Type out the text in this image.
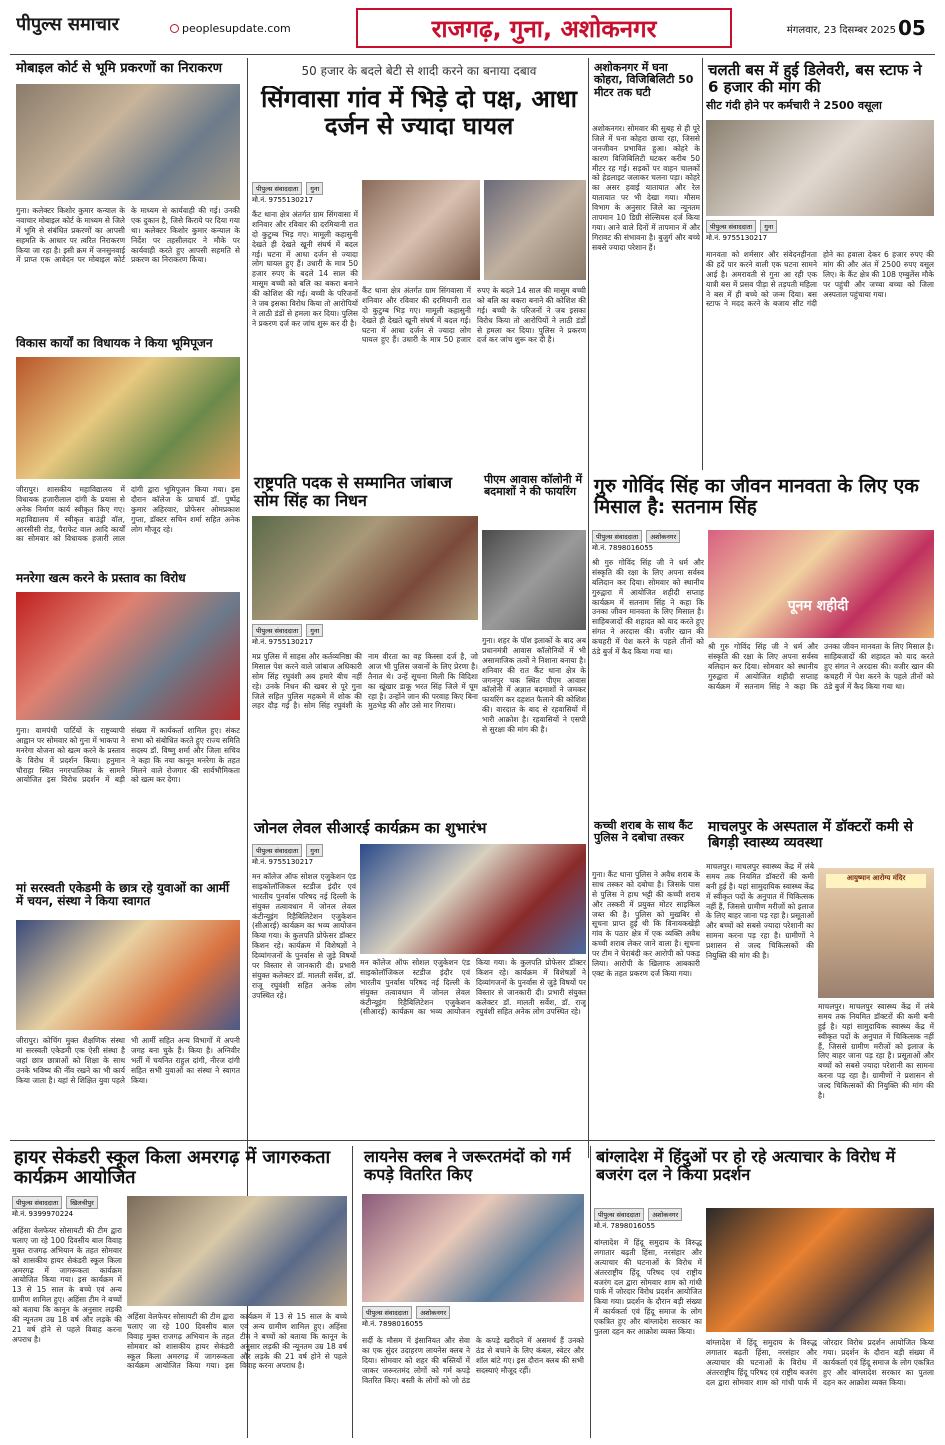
पीपुल्स समाचार	peoplesupdate.com	राजगढ़, गुना, अशोकनगर	मंगलवार, 23 दिसम्बर 2025 05
मोबाइल कोर्ट से भूमि प्रकरणों का निराकरण
गुना। कलेक्टर किशोर कुमार कन्याल के नवाचार मोबाइल कोर्ट के माध्यम से जिले में भूमि से संबंधित प्रकरणों का आपसी सहमति के आधार पर त्वरित निराकरण किया जा रहा है। इसी क्रम में जनसुनवाई में प्राप्त एक आवेदन पर मोबाइल कोर्ट के माध्यम से कार्यवाही की गई। उनकी एक दुकान है, जिसे किराये पर दिया गया था। कलेक्टर किशोर कुमार कन्याल के निर्देश पर तहसीलदार ने मौके पर कार्यवाही करते हुए आपसी सहमति से प्रकरण का निराकरण किया।
विकास कार्यों का विधायक ने किया भूमिपूजन
जीरापुर। शासकीय महाविद्यालय में विधायक हजारीलाल दांगी के प्रयास से अनेक निर्माण कार्य स्वीकृत किए गए। महाविद्यालय में स्वीकृत बाउंड्री वॉल, आरसीसी रोड, पैराफेट वाल आदि कार्यों का सोमवार को विधायक हजारी लाल दांगी द्वारा भूमिपूजन किया गया। इस दौरान कॉलेज के प्राचार्य डॉ. पुष्पेंद्र कुमार अहिरवार, प्रोफेसर ओमप्रकाश गुप्ता, डॉक्टर सचिन शर्मा सहित अनेक लोग मौजूद रहे।
मनरेगा खत्म करने के प्रस्ताव का विरोध
गुना। वामपंथी पार्टियों के राष्ट्रव्यापी आह्वान पर सोमवार को गुना में भाकपा ने मनरेगा योजना को खत्म करने के प्रस्ताव के विरोध में प्रदर्शन किया। हनुमान चौराहा स्थित नगरपालिका के सामने आयोजित इस विरोध प्रदर्शन में बड़ी संख्या में कार्यकर्ता शामिल हुए। संकट सभा को संबोधित करते हुए राज्य समिति सदस्य डॉ. विष्णु शर्मा और जिला सचिव ने कहा कि नया कानून मनरेगा के तहत मिलने वाले रोजगार की सार्वभौमिकता को खत्म कर देगा।
मां सरस्वती एकेडमी के छात्र रहे युवाओं का आर्मी में चयन, संस्था ने किया स्वागत
जीरापुर। कोचिंग मुक्त शैक्षणिक संस्था मां सरस्वती एकेडमी एक ऐसी संस्था है जहां छात्र छात्राओं को शिक्षा के साथ उनके भविष्य की नींव रखने का भी कार्य किया जाता है। यहां से शिक्षित युवा पहले भी आर्मी सहित अन्य विभागों में अपनी जगह बना चुके हैं। किया है। अग्निवीर भर्ती में चयनित राहुल दांगी, नीरज दांगी सहित सभी युवाओं का संस्था ने स्वागत किया।
50 हजार के बदले बेटी से शादी करने का बनाया दबाव
सिंगवासा गांव में भिड़े दो पक्ष, आधा दर्जन से ज्यादा घायल
पीपुल्स संवाददाता	गुना
मो.नं. 9755130217
कैंट थाना क्षेत्र अंतर्गत ग्राम सिंगवासा में शनिवार और रविवार की दरमियानी रात दो कुटुम्ब भिड़ गए। मामूली कहासुनी देखते ही देखते खूनी संघर्ष में बदल गई। घटना में आधा दर्जन से ज्यादा लोग घायल हुए हैं। उधारी के मात्र 50 हजार रुपए के बदले 14 साल की मासूम बच्ची को बलि का बकरा बनाने की कोशिश की गई। बच्ची के परिजनों ने जब इसका विरोध किया तो आरोपियों ने लाठी डंडों से हमला कर दिया। पुलिस ने प्रकरण दर्ज कर जांच शुरू कर दी है।
कैंट थाना क्षेत्र अंतर्गत ग्राम सिंगवासा में शनिवार और रविवार की दरमियानी रात दो कुटुम्ब भिड़ गए। मामूली कहासुनी देखते ही देखते खूनी संघर्ष में बदल गई। घटना में आधा दर्जन से ज्यादा लोग घायल हुए हैं। उधारी के मात्र 50 हजार रुपए के बदले 14 साल की मासूम बच्ची को बलि का बकरा बनाने की कोशिश की गई। बच्ची के परिजनों ने जब इसका विरोध किया तो आरोपियों ने लाठी डंडों से हमला कर दिया। पुलिस ने प्रकरण दर्ज कर जांच शुरू कर दी है।
राष्ट्रपति पदक से सम्मानित जांबाज सोम सिंह का निधन
पीपुल्स संवाददाता	गुना
मो.नं. 9755130217
मप्र पुलिस में साहस और कर्तव्यनिष्ठा की मिसाल पेश करने वाले जांबाज अधिकारी सोम सिंह रघुवंशी अब हमारे बीच नहीं रहे। उनके निधन की खबर से पूरे गुना जिले सहित पुलिस महकमे में शोक की लहर दौड़ गई है। सोम सिंह रघुवंशी के नाम वीरता का वह किस्सा दर्ज है, जो आज भी पुलिस जवानों के लिए प्रेरणा है। तैनात थे। उन्हें सूचना मिली कि विदिशा का खूंखार डाकू भरत सिंह जिले में घूम रहा है। उन्होंने जान की परवाह किए बिना मुठभेड़ की और उसे मार गिराया।
पीएम आवास कॉलोनी में बदमाशों ने की फायरिंग
गुना। शहर के पॉश इलाकों के बाद अब प्रधानमंत्री आवास कॉलोनियों में भी असामाजिक तत्वों ने निशाना बनाया है। शनिवार की रात कैंट थाना क्षेत्र के जगनपुर चक स्थित पीएम आवास कॉलोनी में अज्ञात बदमाशों ने जमकर फायरिंग कर दहशत फैलाने की कोशिश की। वारदात के बाद से रहवासियों में भारी आक्रोश है। रहवासियों ने एसपी से सुरक्षा की मांग की है।
जोनल लेवल सीआरई कार्यक्रम का शुभारंभ
पीपुल्स संवाददाता	गुना
मो.नं. 9755130217
मन कॉलेज ऑफ सोशल एजुकेशन एंड साइकोलॉजिकल स्टडीज इंदौर एवं भारतीय पुनर्वास परिषद नई दिल्ली के संयुक्त तत्वावधान में जोनल लेवल कंटीन्यूइंग रिहैबिलिटेशन एजुकेशन (सीआरई) कार्यक्रम का भव्य आयोजन किया गया। के कुलपति प्रोफेसर डॉक्टर किशन रहे। कार्यक्रम में विशेषज्ञों ने दिव्यांगजनों के पुनर्वास से जुड़े विषयों पर विस्तार से जानकारी दी। प्रभारी संयुक्त कलेक्टर डॉ. मालती सर्वेश, डॉ. राजू रघुवंशी सहित अनेक लोग उपस्थित रहे।
मन कॉलेज ऑफ सोशल एजुकेशन एंड साइकोलॉजिकल स्टडीज इंदौर एवं भारतीय पुनर्वास परिषद नई दिल्ली के संयुक्त तत्वावधान में जोनल लेवल कंटीन्यूइंग रिहैबिलिटेशन एजुकेशन (सीआरई) कार्यक्रम का भव्य आयोजन किया गया। के कुलपति प्रोफेसर डॉक्टर किशन रहे। कार्यक्रम में विशेषज्ञों ने दिव्यांगजनों के पुनर्वास से जुड़े विषयों पर विस्तार से जानकारी दी। प्रभारी संयुक्त कलेक्टर डॉ. मालती सर्वेश, डॉ. राजू रघुवंशी सहित अनेक लोग उपस्थित रहे।
अशोकनगर में घना कोहरा, विजिबिलिटी 50 मीटर तक घटी
अशोकनगर। सोमवार की सुबह से ही पूरे जिले में घना कोहरा छाया रहा, जिससे जनजीवन प्रभावित हुआ। कोहरे के कारण विजिबिलिटी घटकर करीब 50 मीटर रह गई। सड़कों पर वाहन चालकों को हेडलाइट जलाकर चलना पड़ा। कोहरे का असर हवाई यातायात और रेल यातायात पर भी देखा गया। मौसम विभाग के अनुसार जिले का न्यूनतम तापमान 10 डिग्री सेल्सियस दर्ज किया गया। आने वाले दिनों में तापमान में और गिरावट की संभावना है। बुजुर्ग और बच्चे सबसे ज्यादा परेशान हैं।
कच्ची शराब के साथ कैंट पुलिस ने दबोचा तस्कर
गुना। कैंट थाना पुलिस ने अवैध शराब के साथ तस्कर को दबोचा है। जिसके पास से पुलिस ने हाथ भट्टी की कच्ची शराब और तस्करी में प्रयुक्त मोटर साइकिल जब्त की है। पुलिस को मुखबिर से सूचना प्राप्त हुई थी कि विनायकखेड़ी गांव के पठार क्षेत्र में एक व्यक्ति अवैध कच्ची शराब लेकर जाने वाला है। सूचना पर टीम ने घेराबंदी कर आरोपी को पकड़ लिया। आरोपी के खिलाफ आबकारी एक्ट के तहत प्रकरण दर्ज किया गया।
चलती बस में हुई डिलेवरी, बस स्टाफ ने 6 हजार की मांग की
सीट गंदी होने पर कर्मचारी ने 2500 वसूला
पीपुल्स संवाददाता	गुना
मो.नं. 9755130217
मानवता को शर्मसार और संवेदनहीनता की हदें पार करने वाली एक घटना सामने आई है। अमरावती से गुना आ रही एक यात्री बस में प्रसव पीड़ा से तड़पती महिला ने बस में ही बच्चे को जन्म दिया। बस स्टाफ ने मदद करने के बजाय सीट गंदी होने का हवाला देकर 6 हजार रुपए की मांग की और अंत में 2500 रुपए वसूल लिए। के कैंट क्षेत्र की 108 एम्बुलेंस मौके पर पहुंची और जच्चा बच्चा को जिला अस्पताल पहुंचाया गया।
गुरु गोविंद सिंह का जीवन मानवता के लिए एक मिसाल है: सतनाम सिंह
पीपुल्स संवाददाता	अशोकनगर
मो.नं. 7898016055
पूनम शहीदी
श्री गुरु गोविंद सिंह जी ने धर्म और संस्कृति की रक्षा के लिए अपना सर्वस्व बलिदान कर दिया। सोमवार को स्थानीय गुरुद्वारा में आयोजित शहीदी सप्ताह कार्यक्रम में सतनाम सिंह ने कहा कि उनका जीवन मानवता के लिए मिसाल है। साहिबजादों की शहादत को याद करते हुए संगत ने अरदास की। वजीर खान की कचहरी में पेश करने के पहले तीनों को ठंडे बुर्ज में कैद किया गया था।
श्री गुरु गोविंद सिंह जी ने धर्म और संस्कृति की रक्षा के लिए अपना सर्वस्व बलिदान कर दिया। सोमवार को स्थानीय गुरुद्वारा में आयोजित शहीदी सप्ताह कार्यक्रम में सतनाम सिंह ने कहा कि उनका जीवन मानवता के लिए मिसाल है। साहिबजादों की शहादत को याद करते हुए संगत ने अरदास की। वजीर खान की कचहरी में पेश करने के पहले तीनों को ठंडे बुर्ज में कैद किया गया था।
माचलपुर के अस्पताल में डॉक्टरों कमी से बिगड़ी स्वास्थ्य व्यवस्था
माचलपुर। माचलपुर स्वास्थ्य केंद्र में लंबे समय तक नियमित डॉक्टरों की कमी बनी हुई है। यहां सामुदायिक स्वास्थ्य केंद्र में स्वीकृत पदों के अनुपात में चिकित्सक नहीं हैं, जिससे ग्रामीण मरीजों को इलाज के लिए बाहर जाना पड़ रहा है। प्रसूताओं और बच्चों को सबसे ज्यादा परेशानी का सामना करना पड़ रहा है। ग्रामीणों ने प्रशासन से जल्द चिकित्सकों की नियुक्ति की मांग की है।
आयुष्मान आरोग्य मंदिर
माचलपुर। माचलपुर स्वास्थ्य केंद्र में लंबे समय तक नियमित डॉक्टरों की कमी बनी हुई है। यहां सामुदायिक स्वास्थ्य केंद्र में स्वीकृत पदों के अनुपात में चिकित्सक नहीं हैं, जिससे ग्रामीण मरीजों को इलाज के लिए बाहर जाना पड़ रहा है। प्रसूताओं और बच्चों को सबसे ज्यादा परेशानी का सामना करना पड़ रहा है। ग्रामीणों ने प्रशासन से जल्द चिकित्सकों की नियुक्ति की मांग की है।
हायर सेकंडरी स्कूल किला अमरगढ़ में जागरुकता कार्यक्रम आयोजित
पीपुल्स संवाददाता	खिलचीपुर
मो.नं. 9399970224
अहिंसा वेलफेयर सोसायटी की टीम द्वारा चलाए जा रहे 100 दिवसीय बाल विवाह मुक्त राजगढ़ अभियान के तहत सोमवार को शासकीय हायर सेकंडरी स्कूल किला अमरगढ़ में जागरूकता कार्यक्रम आयोजित किया गया। इस कार्यक्रम में 13 से 15 साल के बच्चे एवं अन्य ग्रामीण शामिल हुए। अहिंसा टीम ने बच्चों को बताया कि कानून के अनुसार लड़की की न्यूनतम उम्र 18 वर्ष और लड़के की 21 वर्ष होने से पहले विवाह करना अपराध है।
अहिंसा वेलफेयर सोसायटी की टीम द्वारा चलाए जा रहे 100 दिवसीय बाल विवाह मुक्त राजगढ़ अभियान के तहत सोमवार को शासकीय हायर सेकंडरी स्कूल किला अमरगढ़ में जागरूकता कार्यक्रम आयोजित किया गया। इस कार्यक्रम में 13 से 15 साल के बच्चे एवं अन्य ग्रामीण शामिल हुए। अहिंसा टीम ने बच्चों को बताया कि कानून के अनुसार लड़की की न्यूनतम उम्र 18 वर्ष और लड़के की 21 वर्ष होने से पहले विवाह करना अपराध है।
लायनेस क्लब ने जरूरतमंदों को गर्म कपड़े वितरित किए
पीपुल्स संवाददाता	अशोकनगर
मो.नं. 7898016055
सर्दी के मौसम में इंसानियत और सेवा का एक सुंदर उदाहरण लायनेस क्लब ने दिया। सोमवार को शहर की बस्तियों में जाकर जरूरतमंद लोगों को गर्म कपड़े वितरित किए। बस्ती के लोगों को जो ठंड के कपड़े खरीदने में असमर्थ हैं उनको ठंड से बचाने के लिए कंबल, स्वेटर और शॉल बांटे गए। इस दौरान क्लब की सभी सदस्याएं मौजूद रहीं।
बांग्लादेश में हिंदुओं पर हो रहे अत्याचार के विरोध में बजरंग दल ने किया प्रदर्शन
पीपुल्स संवाददाता	अशोकनगर
मो.नं. 7898016055
बांग्लादेश में हिंदू समुदाय के विरुद्ध लगातार बढ़ती हिंसा, नरसंहार और अत्याचार की घटनाओं के विरोध में अंतरराष्ट्रीय हिंदू परिषद एवं राष्ट्रीय बजरंग दल द्वारा सोमवार शाम को गांधी पार्क में जोरदार विरोध प्रदर्शन आयोजित किया गया। प्रदर्शन के दौरान बड़ी संख्या में कार्यकर्ता एवं हिंदू समाज के लोग एकत्रित हुए और बांग्लादेश सरकार का पुतला दहन कर आक्रोश व्यक्त किया।
बांग्लादेश में हिंदू समुदाय के विरुद्ध लगातार बढ़ती हिंसा, नरसंहार और अत्याचार की घटनाओं के विरोध में अंतरराष्ट्रीय हिंदू परिषद एवं राष्ट्रीय बजरंग दल द्वारा सोमवार शाम को गांधी पार्क में जोरदार विरोध प्रदर्शन आयोजित किया गया। प्रदर्शन के दौरान बड़ी संख्या में कार्यकर्ता एवं हिंदू समाज के लोग एकत्रित हुए और बांग्लादेश सरकार का पुतला दहन कर आक्रोश व्यक्त किया।
